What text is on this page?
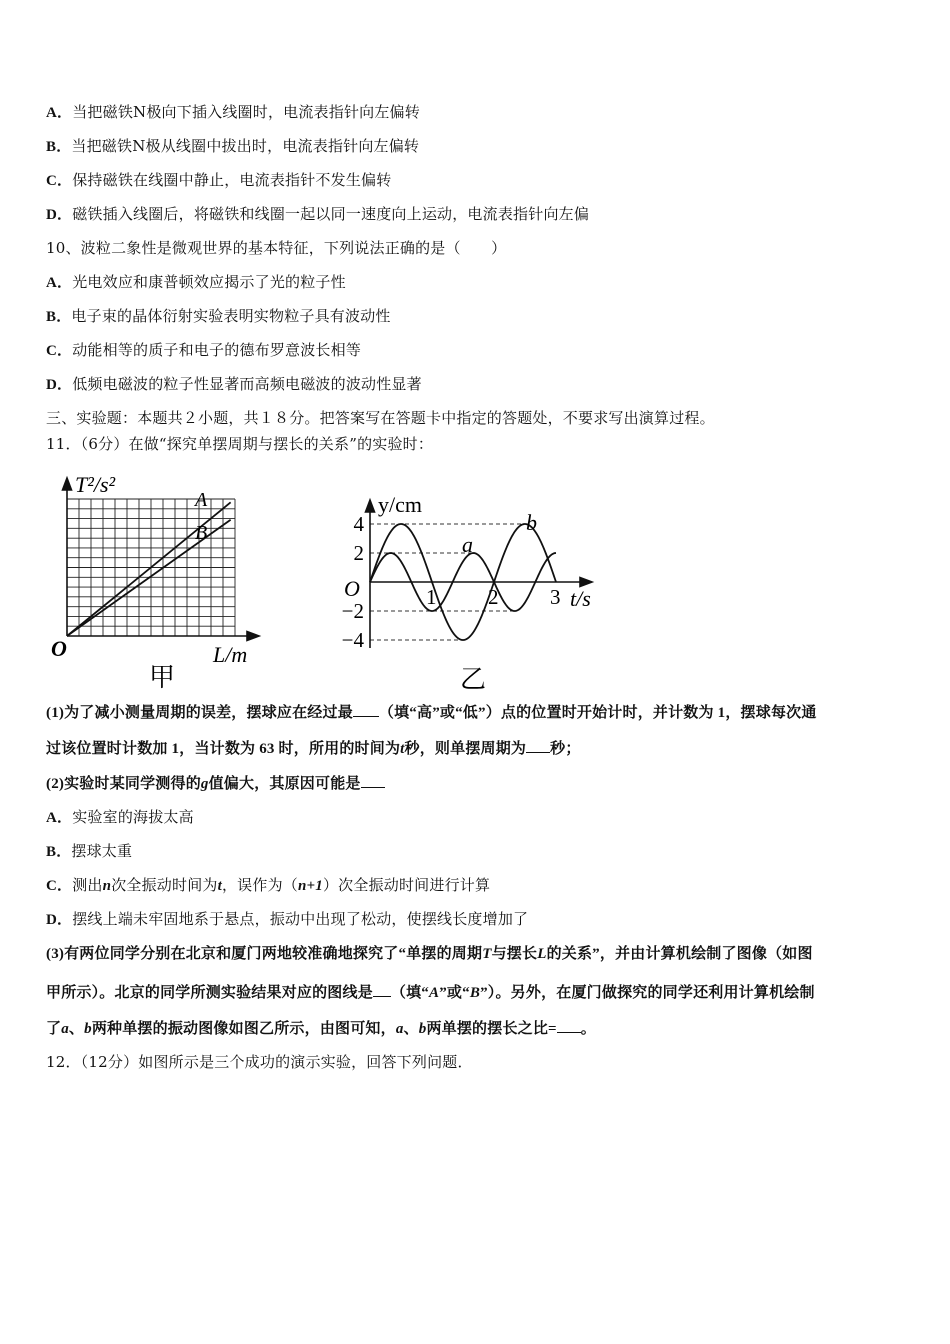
A．当把磁铁N极向下插入线圈时，电流表指针向左偏转
B．当把磁铁N极从线圈中拔出时，电流表指针向左偏转
C．保持磁铁在线圈中静止，电流表指针不发生偏转
D．磁铁插入线圈后，将磁铁和线圈一起以同一速度向上运动，电流表指针向左偏
10、波粒二象性是微观世界的基本特征，下列说法正确的是（　　）
A．光电效应和康普顿效应揭示了光的粒子性
B．电子束的晶体衍射实验表明实物粒子具有波动性
C．动能相等的质子和电子的德布罗意波长相等
D．低频电磁波的粒子性显著而高频电磁波的波动性显著
三、实验题：本题共２小题，共１８分。把答案写在答题卡中指定的答题处，不要求写出演算过程。
11．（6分）在做“探究单摆周期与摆长的关系”的实验时：
T²/s²
O	L/m
A
B
甲
4
2
−2
−4
1 2 3
y/cm
O	t/s
a
b
乙
(1)为了减小测量周期的误差，摆球应在经过最 （填“高”或“低”）点的位置时开始计时，并计数为 1，摆球每次通
过该位置时计数加 1，当计数为 63 时，所用的时间为t秒，则单摆周期为 秒；
(2)实验时某同学测得的g值偏大，其原因可能是
A．实验室的海拔太高
B．摆球太重
C．测出n次全振动时间为t，误作为（n+1）次全振动时间进行计算
D．摆线上端未牢固地系于悬点，振动中出现了松动，使摆线长度增加了
(3)有两位同学分别在北京和厦门两地较准确地探究了“单摆的周期T与摆长L的关系”，并由计算机绘制了图像（如图
甲所示）。北京的同学所测实验结果对应的图线是 （填“A”或“B”）。另外，在厦门做探究的同学还利用计算机绘制
了a、b两种单摆的振动图像如图乙所示，由图可知，a、b两单摆的摆长之比= 。
12．（12分）如图所示是三个成功的演示实验，回答下列问题．
